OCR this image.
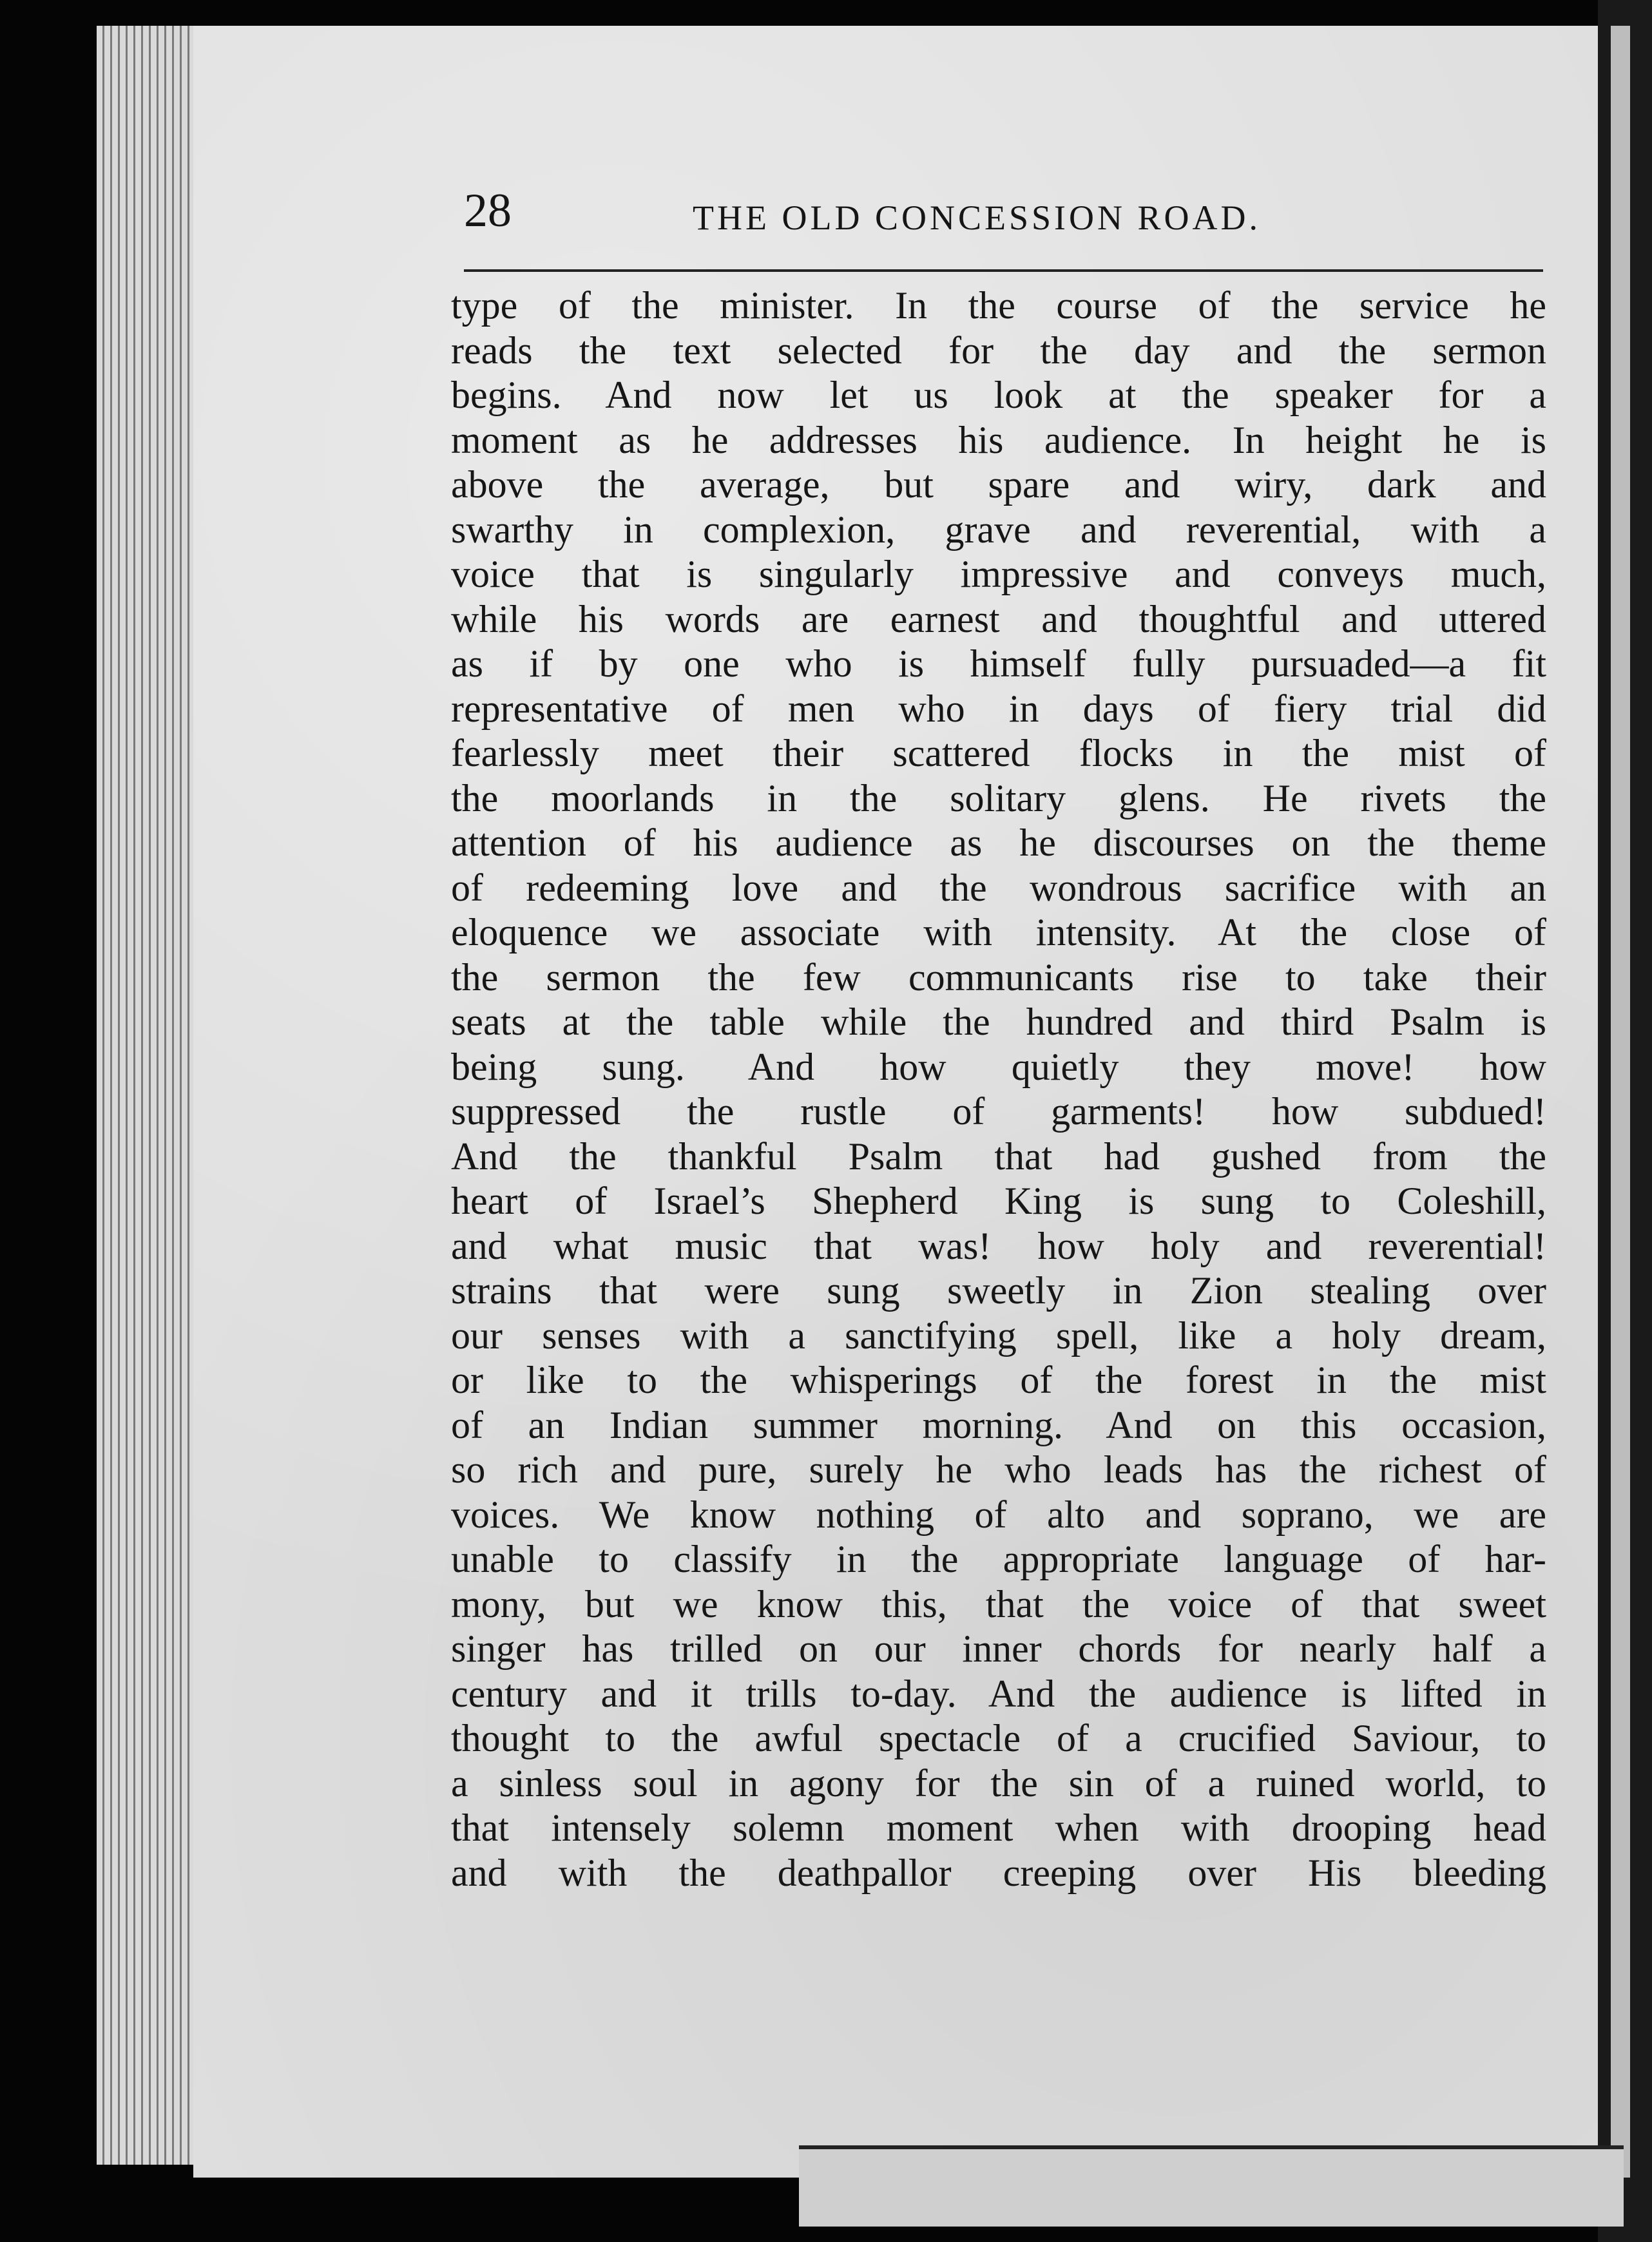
28	THE OLD CONCESSION ROAD.
type of the minister. In the course of the service he
reads the text selected for the day and the sermon
begins. And now let us look at the speaker for a
moment as he addresses his audience. In height he is
above the average, but spare and wiry, dark and
swarthy in complexion, grave and reverential, with a
voice that is singularly impressive and conveys much,
while his words are earnest and thoughtful and uttered
as if by one who is himself fully pursuaded—a fit
representative of men who in days of fiery trial did
fearlessly meet their scattered flocks in the mist of
the moorlands in the solitary glens. He rivets the
attention of his audience as he discourses on the theme
of redeeming love and the wondrous sacrifice with an
eloquence we associate with intensity. At the close of
the sermon the few communicants rise to take their
seats at the table while the hundred and third Psalm is
being sung. And how quietly they move! how
suppressed the rustle of garments! how subdued!
And the thankful Psalm that had gushed from the
heart of Israel’s Shepherd King is sung to Coleshill,
and what music that was! how holy and reverential!
strains that were sung sweetly in Zion stealing over
our senses with a sanctifying spell, like a holy dream,
or like to the whisperings of the forest in the mist
of an Indian summer morning. And on this occasion,
so rich and pure, surely he who leads has the richest of
voices. We know nothing of alto and soprano, we are
unable to classify in the appropriate language of har-
mony, but we know this, that the voice of that sweet
singer has trilled on our inner chords for nearly half a
century and it trills to-day. And the audience is lifted in
thought to the awful spectacle of a crucified Saviour, to
a sinless soul in agony for the sin of a ruined world, to
that intensely solemn moment when with drooping head
and with the deathpallor creeping over His bleeding
